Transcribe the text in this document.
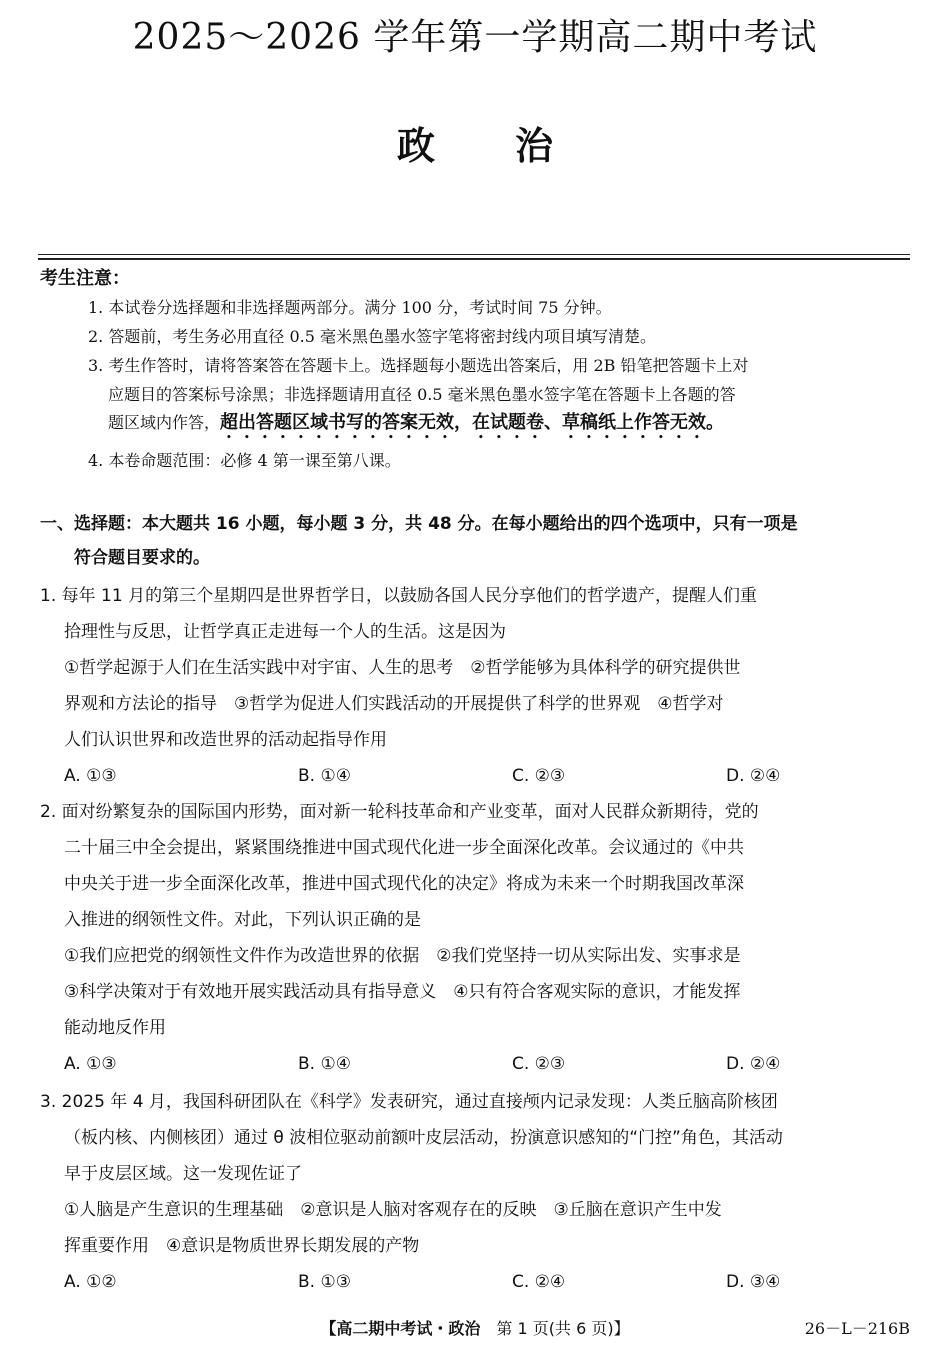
2025～2026 学年第一学期高二期中考试
政 治
考生注意：
1. 本试卷分选择题和非选择题两部分。满分 100 分，考试时间 75 分钟。
2. 答题前，考生务必用直径 0.5 毫米黑色墨水签字笔将密封线内项目填写清楚。
3. 考生作答时，请将答案答在答题卡上。选择题每小题选出答案后，用 2B 铅笔把答题卡上对
应题目的答案标号涂黑；非选择题请用直径 0.5 毫米黑色墨水签字笔在答题卡上各题的答
题区域内作答，超出答题区域书写的答案无效，在试题卷、草稿纸上作答无效。
4. 本卷命题范围：必修 4 第一课至第八课。
一、选择题：本大题共 16 小题，每小题 3 分，共 48 分。在每小题给出的四个选项中，只有一项是
符合题目要求的。
1. 每年 11 月的第三个星期四是世界哲学日，以鼓励各国人民分享他们的哲学遗产，提醒人们重
拾理性与反思，让哲学真正走进每一个人的生活。这是因为
①哲学起源于人们在生活实践中对宇宙、人生的思考　②哲学能够为具体科学的研究提供世
界观和方法论的指导　③哲学为促进人们实践活动的开展提供了科学的世界观　④哲学对
人们认识世界和改造世界的活动起指导作用
A. ①③	B. ①④	C. ②③	D. ②④
2. 面对纷繁复杂的国际国内形势，面对新一轮科技革命和产业变革，面对人民群众新期待，党的
二十届三中全会提出，紧紧围绕推进中国式现代化进一步全面深化改革。会议通过的《中共
中央关于进一步全面深化改革，推进中国式现代化的决定》将成为未来一个时期我国改革深
入推进的纲领性文件。对此，下列认识正确的是
①我们应把党的纲领性文件作为改造世界的依据　②我们党坚持一切从实际出发、实事求是
③科学决策对于有效地开展实践活动具有指导意义　④只有符合客观实际的意识，才能发挥
能动地反作用
A. ①③	B. ①④	C. ②③	D. ②④
3. 2025 年 4 月，我国科研团队在《科学》发表研究，通过直接颅内记录发现：人类丘脑高阶核团
（板内核、内侧核团）通过 θ 波相位驱动前额叶皮层活动，扮演意识感知的“门控”角色，其活动
早于皮层区域。这一发现佐证了
①人脑是产生意识的生理基础　②意识是人脑对客观存在的反映　③丘脑在意识产生中发
挥重要作用　④意识是物质世界长期发展的产物
A. ①②	B. ①③	C. ②④	D. ③④
【高二期中考试・政治　第 1 页(共 6 页)】	26－L－216B
